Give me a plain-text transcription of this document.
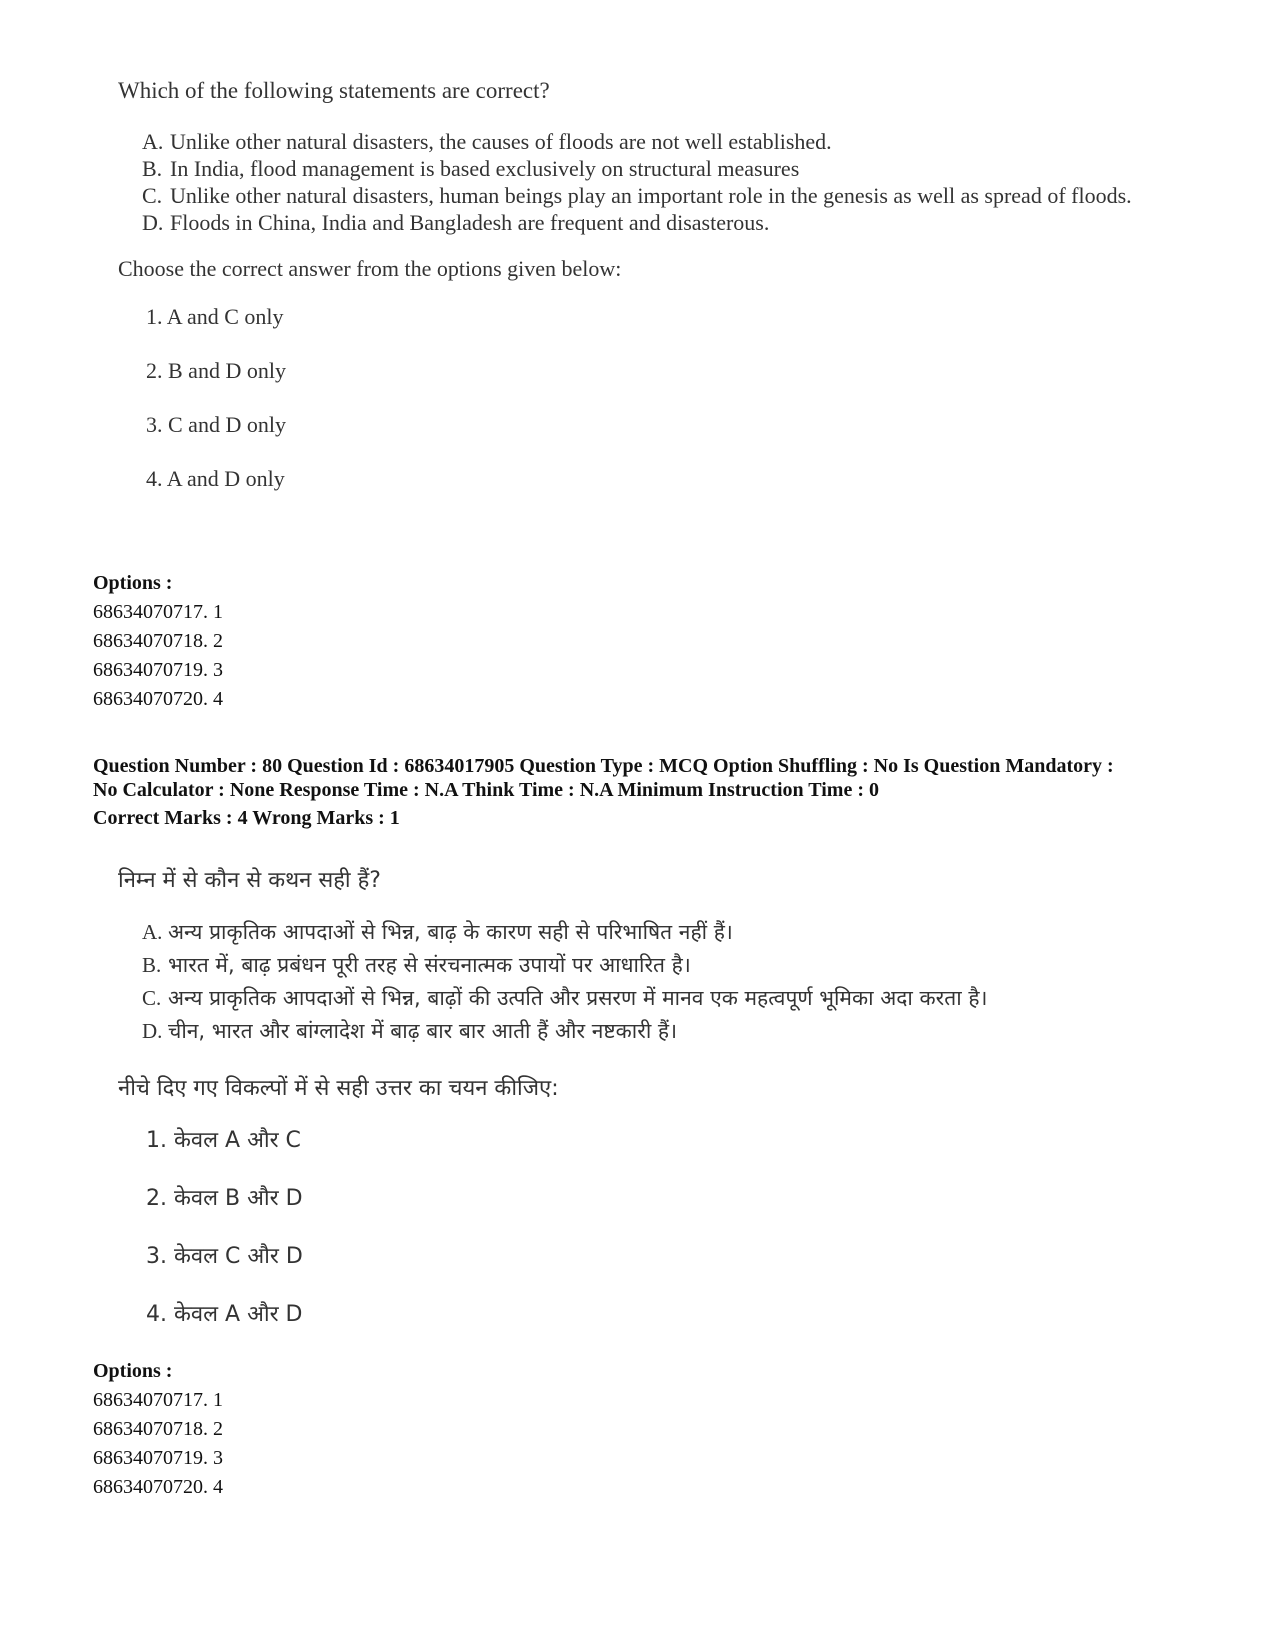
Which of the following statements are correct?

A. Unlike other natural disasters, the causes of floods are not well established.
B. In India, flood management is based exclusively on structural measures
C. Unlike other natural disasters, human beings play an important role in the genesis as well as spread of floods.
D. Floods in China, India and Bangladesh are frequent and disasterous.

Choose the correct answer from the options given below:

1. A and C only
2. B and D only
3. C and D only
4. A and D only
Options :
68634070717. 1
68634070718. 2
68634070719. 3
68634070720. 4
Question Number : 80 Question Id : 68634017905 Question Type : MCQ Option Shuffling : No Is Question Mandatory :
No Calculator : None Response Time : N.A Think Time : N.A Minimum Instruction Time : 0
Correct Marks : 4 Wrong Marks : 1

निम्न में से कौन से कथन सही हैं?

A. अन्य प्राकृतिक आपदाओं से भिन्न, बाढ़ के कारण सही से परिभाषित नहीं हैं।
B. भारत में, बाढ़ प्रबंधन पूरी तरह से संरचनात्मक उपायों पर आधारित है।
C. अन्य प्राकृतिक आपदाओं से भिन्न, बाढ़ों की उत्पति और प्रसरण में मानव एक महत्वपूर्ण भूमिका अदा करता है।
D. चीन, भारत और बांग्लादेश में बाढ़ बार बार आती हैं और नष्टकारी हैं।

नीचे दिए गए विकल्पों में से सही उत्तर का चयन कीजिए:

1. केवल A और C
2. केवल B और D
3. केवल C और D
4. केवल A और D
Options :
68634070717. 1
68634070718. 2
68634070719. 3
68634070720. 4
